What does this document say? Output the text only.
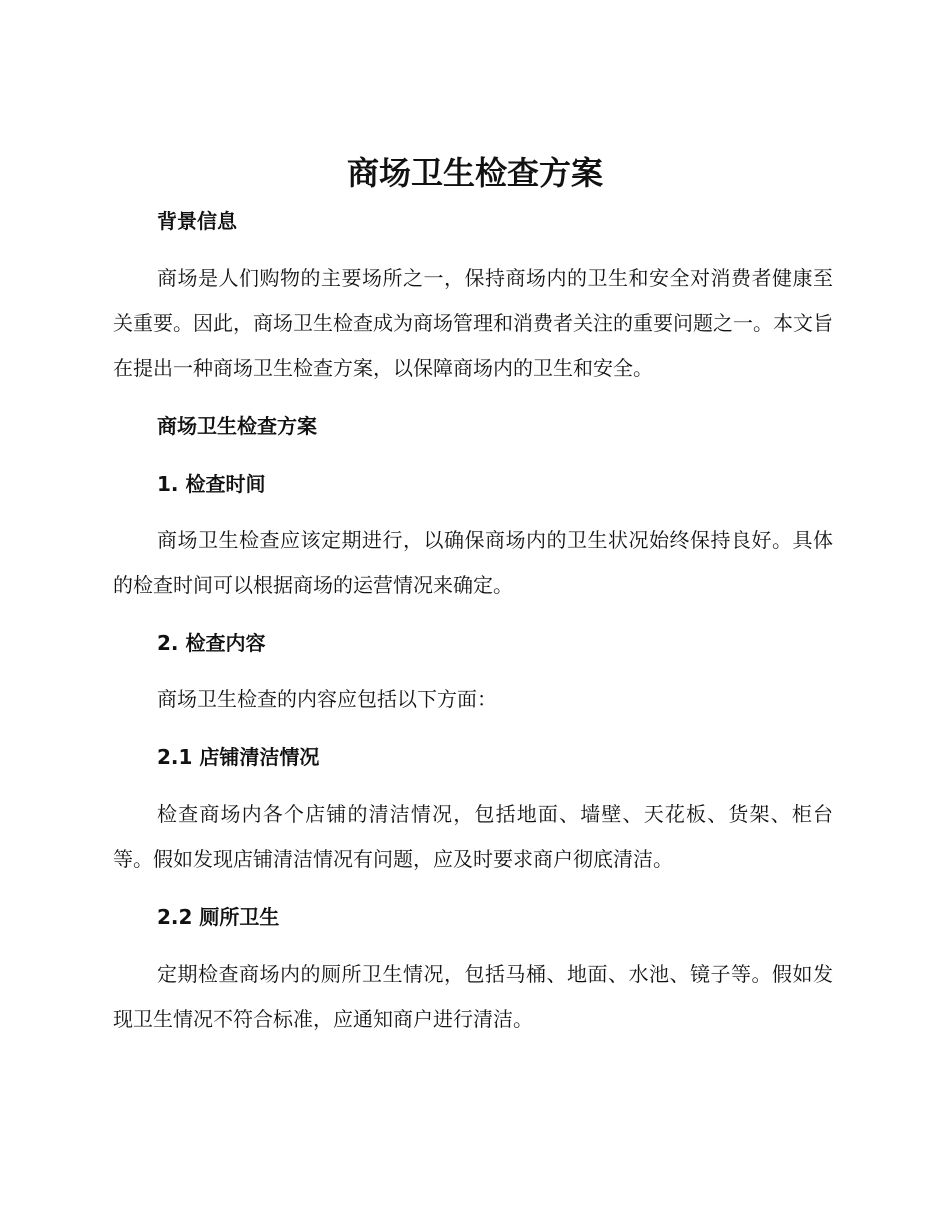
商场卫生检查方案
背景信息

商场是人们购物的主要场所之一，保持商场内的卫生和安全对消费者健康至关重要。因此，商场卫生检查成为商场管理和消费者关注的重要问题之一。本文旨在提出一种商场卫生检查方案，以保障商场内的卫生和安全。

商场卫生检查方案
1. 检查时间

商场卫生检查应该定期进行，以确保商场内的卫生状况始终保持良好。具体的检查时间可以根据商场的运营情况来确定。

2. 检查内容

商场卫生检查的内容应包括以下方面：

2.1 店铺清洁情况

检查商场内各个店铺的清洁情况，包括地面、墙壁、天花板、货架、柜台等。假如发现店铺清洁情况有问题，应及时要求商户彻底清洁。

2.2 厕所卫生

定期检查商场内的厕所卫生情况，包括马桶、地面、水池、镜子等。假如发现卫生情况不符合标准，应通知商户进行清洁。
